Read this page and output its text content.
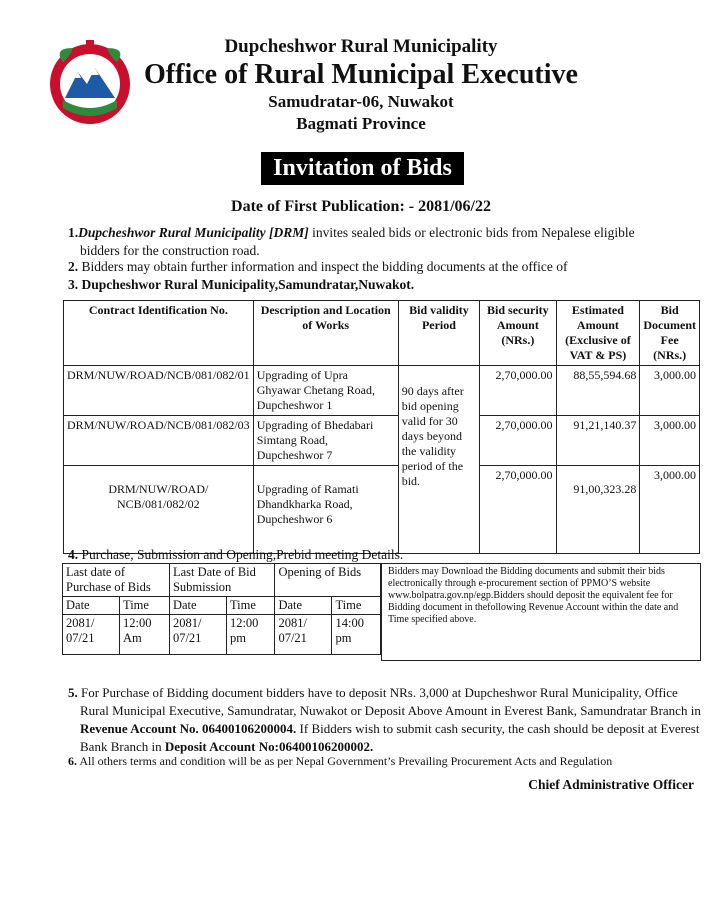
Dupcheshwor Rural Municipality
Office of Rural Municipal Executive
Samudratar-06, Nuwakot
Bagmati Province
Invitation of Bids
Date of First Publication: - 2081/06/22
1.Dupcheshwor Rural Municipality [DRM] invites sealed bids or electronic bids from Nepalese eligible
bidders for the construction road.
2. Bidders may obtain further information and inspect the bidding documents at the office of
3. Dupcheshwor Rural Municipality,Samundratar,Nuwakot.
Contract Identification No.	Description and Location of Works	Bid validity Period	Bid security Amount (NRs.)	Estimated Amount (Exclusive of VAT & PS)	Bid Document Fee (NRs.)
DRM/NUW/ROAD/NCB/081/082/01	Upgrading of Upra Ghyawar Chetang Road, Dupcheshwor 1	90 days after bid opening valid for 30 days beyond the validity period of the bid.	2,70,000.00	88,55,594.68	3,000.00
DRM/NUW/ROAD/NCB/081/082/03	Upgrading of Bhedabari Simtang Road, Dupcheshwor 7		2,70,000.00	91,21,140.37	3,000.00
DRM/NUW/ROAD/ NCB/081/082/02	Upgrading of Ramati Dhandkharka Road, Dupcheshwor 6		2,70,000.00	91,00,323.28	3,000.00
4. Purchase, Submission and Opening,Prebid meeting Details.
Last date of Purchase of Bids		Last Date of Bid Submission		Opening of Bids	
Date	Time	Date	Time	Date	Time
2081/ 07/21	12:00 Am	2081/ 07/21	12:00 pm	2081/ 07/21	14:00 pm
Bidders may Download the Bidding documents and submit their bids electronically through e-procurement section of PPMO’S website www.bolpatra.gov.np/egp.Bidders should deposit the equivalent fee for Bidding document in thefollowing Revenue Account within the date and Time specified above.
5. For Purchase of Bidding document bidders have to deposit NRs. 3,000 at Dupcheshwor Rural Municipality, Office
Rural Municipal Executive, Samundratar, Nuwakot or Deposit Above Amount in Everest Bank, Samundratar Branch in
Revenue Account No. 06400106200004. If Bidders wish to submit cash security, the cash should be deposit at Everest
Bank Branch in Deposit Account No:06400106200002.
6. All others terms and condition will be as per Nepal Government’s Prevailing Procurement Acts and Regulation
Chief Administrative Officer
